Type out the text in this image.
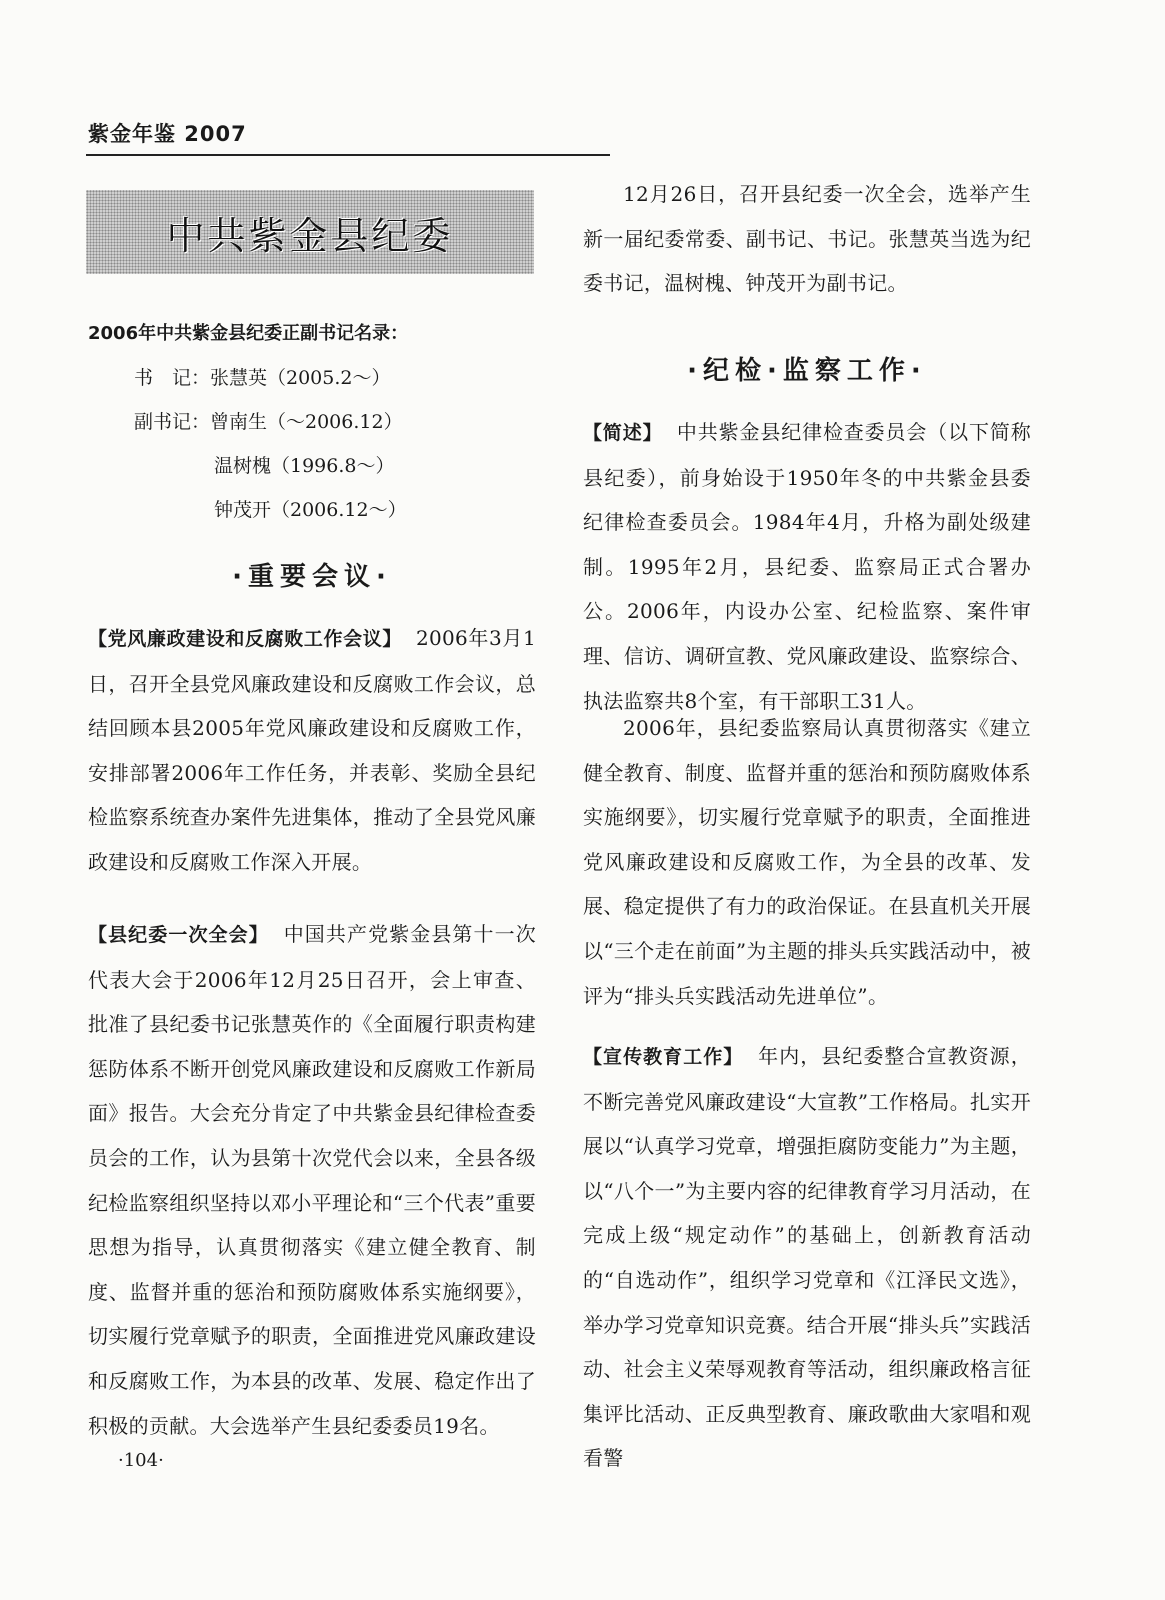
紫金年鉴 2007
中共紫金县纪委
2006年中共紫金县纪委正副书记名录：
书　记：张慧英（2005.2～）
副书记：曾南生（～2006.12）
温树槐（1996.8～）
钟茂开（2006.12～）
·重要会议·

【党风廉政建设和反腐败工作会议】 2006年3月1日，召开全县党风廉政建设和反腐败工作会议，总结回顾本县2005年党风廉政建设和反腐败工作，安排部署2006年工作任务，并表彰、奖励全县纪检监察系统查办案件先进集体，推动了全县党风廉政建设和反腐败工作深入开展。

【县纪委一次全会】 中国共产党紫金县第十一次代表大会于2006年12月25日召开，会上审查、批准了县纪委书记张慧英作的《全面履行职责构建惩防体系不断开创党风廉政建设和反腐败工作新局面》报告。大会充分肯定了中共紫金县纪律检查委员会的工作，认为县第十次党代会以来，全县各级纪检监察组织坚持以邓小平理论和“三个代表”重要思想为指导，认真贯彻落实《建立健全教育、制度、监督并重的惩治和预防腐败体系实施纲要》，切实履行党章赋予的职责，全面推进党风廉政建设和反腐败工作，为本县的改革、发展、稳定作出了积极的贡献。大会选举产生县纪委委员19名。

·104·

12月26日，召开县纪委一次全会，选举产生新一届纪委常委、副书记、书记。张慧英当选为纪委书记，温树槐、钟茂开为副书记。

·纪检·监察工作·

【简述】 中共紫金县纪律检查委员会（以下简称县纪委），前身始设于1950年冬的中共紫金县委纪律检查委员会。1984年4月，升格为副处级建制。1995年2月，县纪委、监察局正式合署办公。2006年，内设办公室、纪检监察、案件审理、信访、调研宣教、党风廉政建设、监察综合、执法监察共8个室，有干部职工31人。

2006年，县纪委监察局认真贯彻落实《建立健全教育、制度、监督并重的惩治和预防腐败体系实施纲要》，切实履行党章赋予的职责，全面推进党风廉政建设和反腐败工作，为全县的改革、发展、稳定提供了有力的政治保证。在县直机关开展以“三个走在前面”为主题的排头兵实践活动中，被评为“排头兵实践活动先进单位”。

【宣传教育工作】 年内，县纪委整合宣教资源，不断完善党风廉政建设“大宣教”工作格局。扎实开展以“认真学习党章，增强拒腐防变能力”为主题，以“八个一”为主要内容的纪律教育学习月活动，在完成上级“规定动作”的基础上，创新教育活动的“自选动作”，组织学习党章和《江泽民文选》，举办学习党章知识竞赛。结合开展“排头兵”实践活动、社会主义荣辱观教育等活动，组织廉政格言征集评比活动、正反典型教育、廉政歌曲大家唱和观看警
